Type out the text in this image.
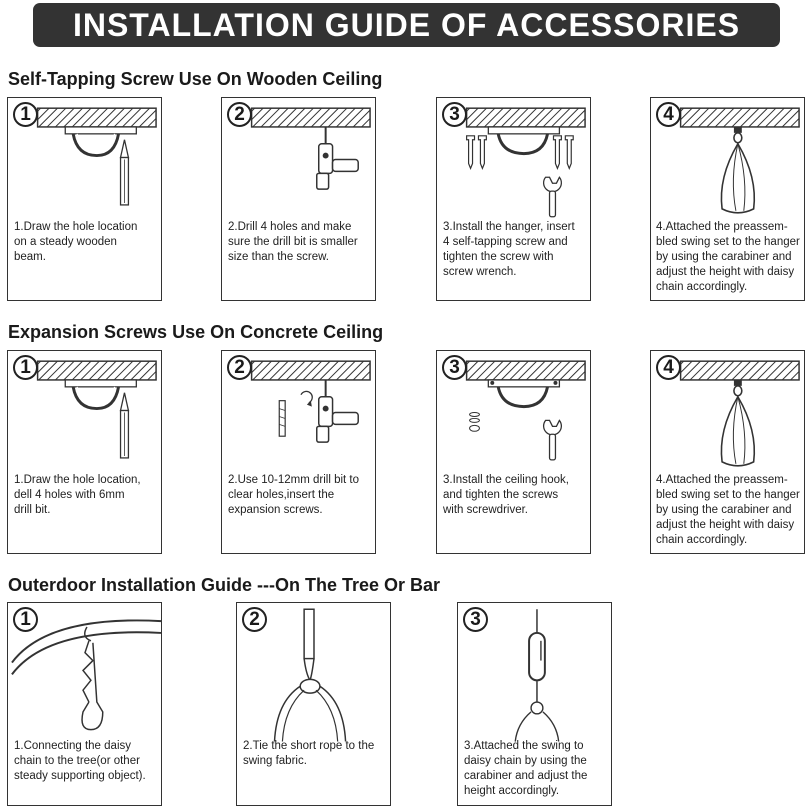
INSTALLATION GUIDE OF ACCESSORIES
Self-Tapping Screw Use On Wooden Ceiling
Expansion Screws Use On Concrete Ceiling
Outerdoor Installation Guide ---On The Tree Or Bar
1
1.Draw the hole location
on a steady wooden
beam.
2
2.Drill 4 holes and make
sure the drill bit is smaller
size than the screw.
3
3.Install the hanger, insert
4 self-tapping screw and
tighten the screw with
screw wrench.
4
4.Attached the preassem-
bled swing set to the hanger
by using the carabiner and
adjust the height with daisy
chain accordingly.
1
1.Draw the hole location,
dell 4 holes with 6mm
drill bit.
2
2.Use 10-12mm drill bit to
clear holes,insert the
expansion screws.
3
3.Install the ceiling hook,
and tighten the screws
with screwdriver.
4
4.Attached the preassem-
bled swing set to the hanger
by using the carabiner and
adjust the height with daisy
chain accordingly.
1
1.Connecting the daisy
chain to the tree(or other
steady supporting object).
2
2.Tie the short rope to the
swing fabric.
3
3.Attached the swing to
daisy chain by using the
carabiner and adjust the
height accordingly.
